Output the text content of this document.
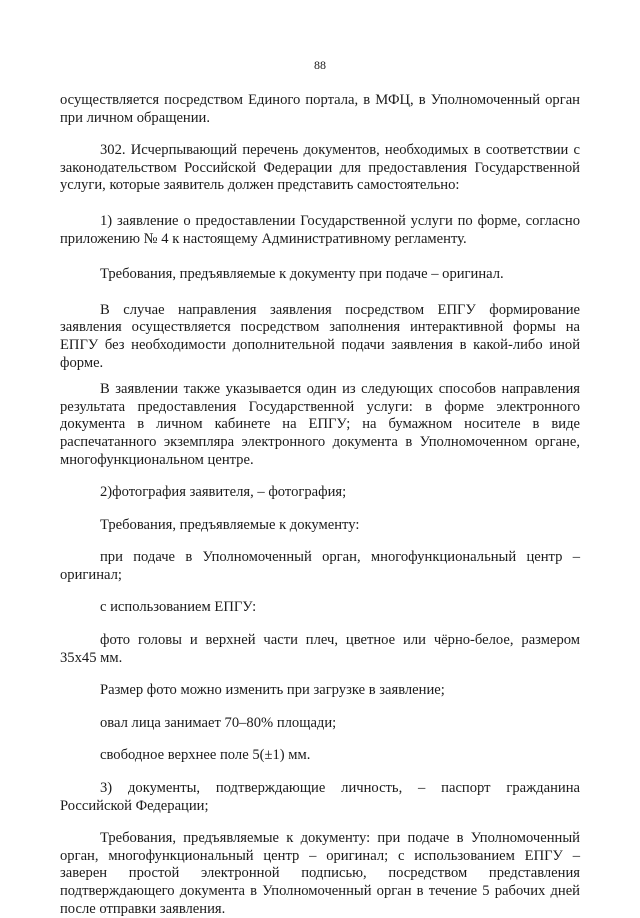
88

осуществляется посредством Единого портала, в МФЦ, в Уполномоченный орган при личном обращении.

302. Исчерпывающий перечень документов, необходимых в соответствии с законодательством Российской Федерации для предоставления Государственной услуги, которые заявитель должен представить самостоятельно:

1) заявление о предоставлении Государственной услуги по форме, согласно приложению № 4 к настоящему Административному регламенту.

Требования, предъявляемые к документу при подаче – оригинал.

В случае направления заявления посредством ЕПГУ формирование заявления осуществляется посредством заполнения интерактивной формы на ЕПГУ без необходимости дополнительной подачи заявления в какой-либо иной форме.

В заявлении также указывается один из следующих способов направления результата предоставления Государственной услуги: в форме электронного документа в личном кабинете на ЕПГУ; на бумажном носителе в виде распечатанного экземпляра электронного документа в Уполномоченном органе, многофункциональном центре.

2)фотография заявителя, – фотография;

Требования, предъявляемые к документу:

при подаче в Уполномоченный орган, многофункциональный центр – оригинал;

с использованием ЕПГУ:

фото головы и верхней части плеч, цветное или чёрно-белое, размером 35х45 мм.

Размер фото можно изменить при загрузке в заявление;

овал лица занимает 70–80% площади;

свободное верхнее поле 5(±1) мм.

3) документы, подтверждающие личность, – паспорт гражданина Российской Федерации;

Требования, предъявляемые к документу: при подаче в Уполномоченный орган, многофункциональный центр – оригинал; с использованием ЕПГУ – заверен простой электронной подписью, посредством представления подтверждающего документа в Уполномоченный орган в течение 5 рабочих дней после отправки заявления.
